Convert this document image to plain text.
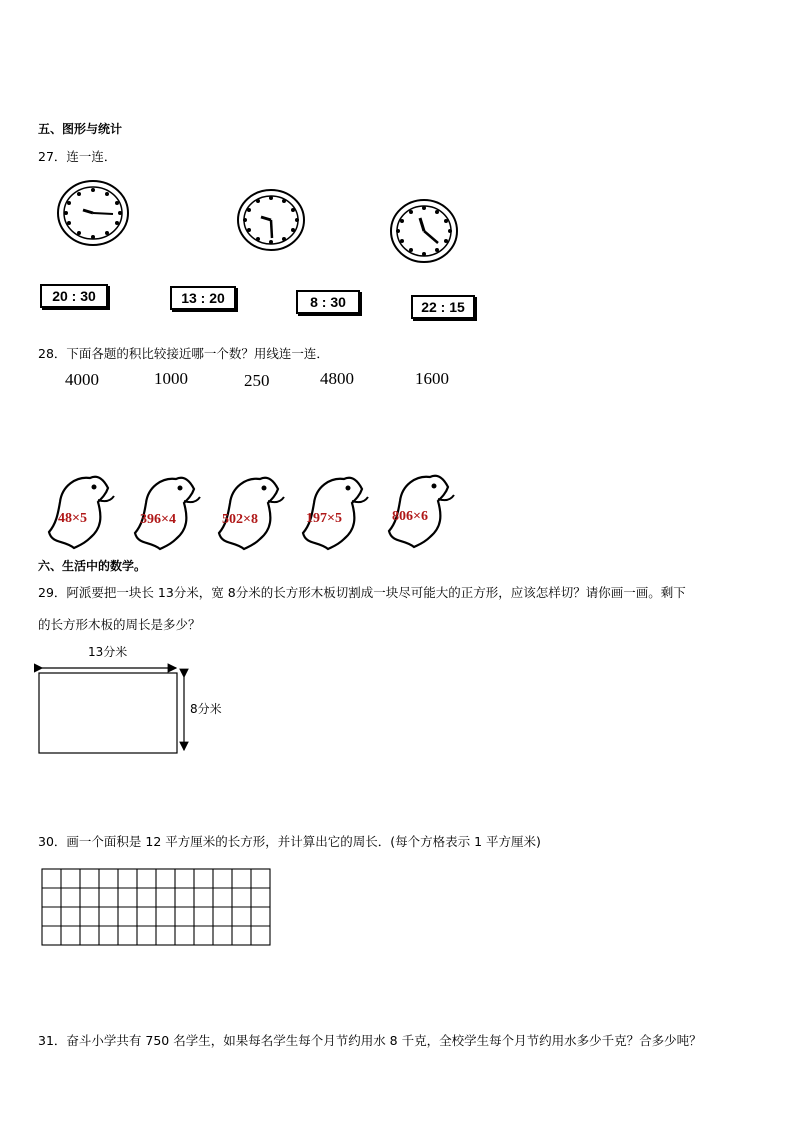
五、图形与统计
27．连一连．
20 : 30	13 : 20	8 : 30	22 : 15
28．下面各题的积比较接近哪一个数？用线连一连．
4000	1000	250	4800	1600
48×5	396×4	502×8	197×5	806×6
六、生活中的数学。
29．阿派要把一块长 13分米，宽 8分米的长方形木板切割成一块尽可能大的正方形，应该怎样切？请你画一画。剩下
的长方形木板的周长是多少？
13分米
8分米
30．画一个面积是 12 平方厘米的长方形，并计算出它的周长．(每个方格表示 1 平方厘米)
31．奋斗小学共有 750 名学生，如果每名学生每个月节约用水 8 千克，全校学生每个月节约用水多少千克？合多少吨？
